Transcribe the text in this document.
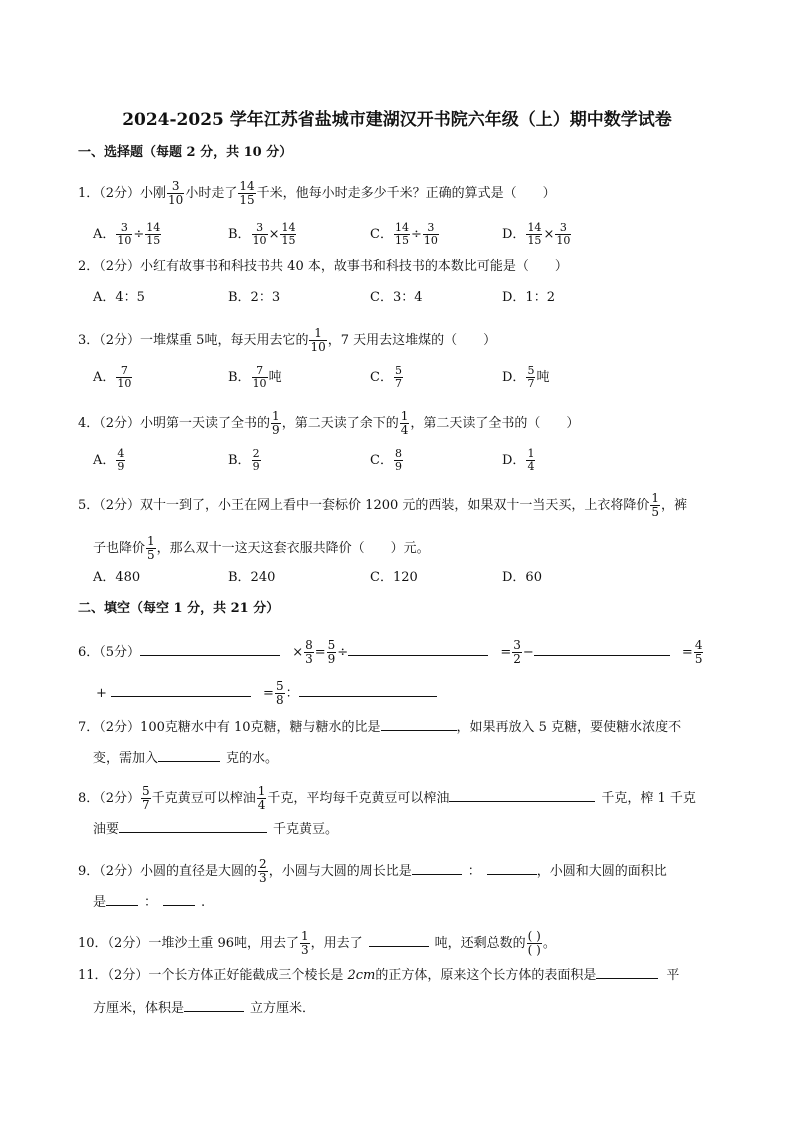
2024-2025 学年江苏省盐城市建湖汉开书院六年级（上）期中数学试卷
一、选择题（每题 2 分，共 10 分）
1．（2分）小刚 $\frac{3}{10}$ 小时走了 $\frac{14}{15}$ 千米，他每小时走多少千米？正确的算式是（　　）
A． $\frac{3}{10} \div \frac{14}{15}$	B． $\frac{3}{10} \times \frac{14}{15}$	C． $\frac{14}{15} \div \frac{3}{10}$	D． $\frac{14}{15} \times \frac{3}{10}$
2．（2分）小红有故事书和科技书共 40 本，故事书和科技书的本数比可能是（　　）
A．4：5	B．2：3	C．3：4	D．1：2
3．（2分）一堆煤重 5吨，每天用去它的 $\frac{1}{10}$ ，7 天用去这堆煤的（　　）
A． $\frac{7}{10}$	B． $\frac{7}{10}$ 吨	C． $\frac{5}{7}$	D． $\frac{5}{7}$ 吨
4．（2分）小明第一天读了全书的 $\frac{1}{9}$ ，第二天读了余下的 $\frac{1}{4}$ ，第二天读了全书的（　　）
A． $\frac{4}{9}$	B． $\frac{2}{9}$	C． $\frac{8}{9}$	D． $\frac{1}{4}$
5．（2分）双十一到了，小王在网上看中一套标价 1200 元的西装，如果双十一当天买，上衣将降价 $\frac{1}{5}$ ，裤
子也降价 $\frac{1}{5}$ ，那么双十一这天这套衣服共降价（　　）元。
A．480	B．240	C．120	D．60
二、填空（每空 1 分，共 21 分）
6．（5分）	× $\frac{8}{3} = \frac{5}{9}$ ÷	= $\frac{3}{2}$ −	= $\frac{4}{5}$
+	= $\frac{5}{8}$ ：
7．（2分）100克糖水中有 10克糖，糖与糖水的比是	，如果再放入 5 克糖，要使糖水浓度不
变，需加入	克的水。
8．（2分） $\frac{5}{7}$ 千克黄豆可以榨油 $\frac{1}{4}$ 千克，平均每千克黄豆可以榨油	千克，榨 1 千克
油要	千克黄豆。
9．（2分）小圆的直径是大圆的 $\frac{2}{3}$ ，小圆与大圆的周长比是	：	，小圆和大圆的面积比
是	：	.
10．（2分）一堆沙土重 96吨，用去了 $\frac{1}{3}$ ，用去了	吨，还剩总数的 ( )
( ) 。
11．（2分）一个长方体正好能截成三个棱长是 2cm的正方体，原来这个长方体的表面积是	平
方厘米，体积是	立方厘米．
